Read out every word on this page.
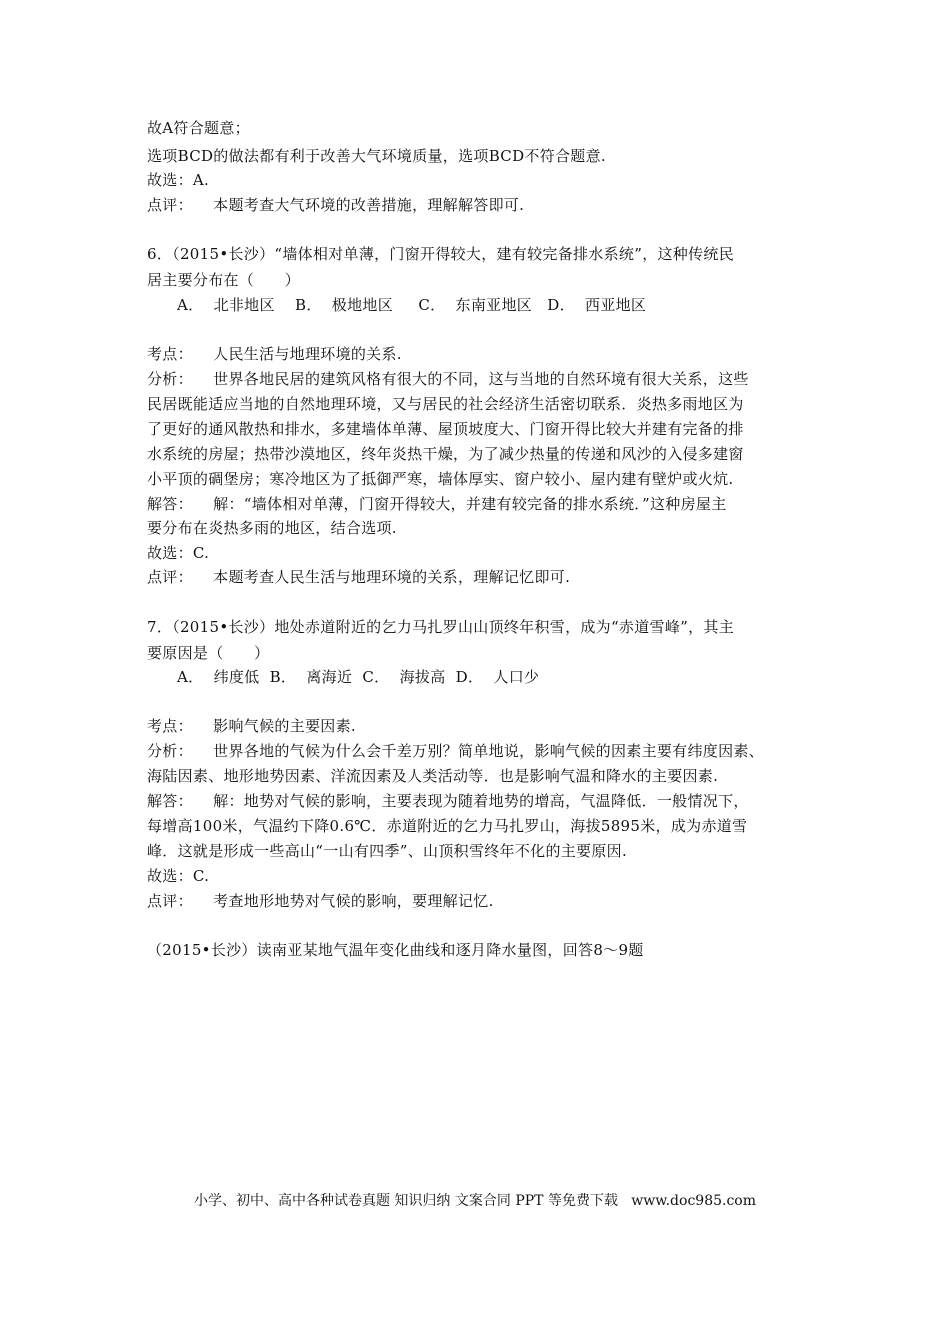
故A符合题意；
选项BCD的做法都有利于改善大气环境质量，选项BCD不符合题意.
故选：A.
点评：    本题考查大气环境的改善措施，理解解答即可.
6．（2015•长沙）“墙体相对单薄，门窗开得较大，建有较完备排水系统”，这种传统民
居主要分布在（　　）
A．  北非地区    B．  极地地区     C．  东南亚地区   D．  西亚地区
考点：    人民生活与地理环境的关系.
分析：    世界各地民居的建筑风格有很大的不同，这与当地的自然环境有很大关系，这些
民居既能适应当地的自然地理环境，又与居民的社会经济生活密切联系．炎热多雨地区为
了更好的通风散热和排水，多建墙体单薄、屋顶坡度大、门窗开得比较大并建有完备的排
水系统的房屋；热带沙漠地区，终年炎热干燥，为了减少热量的传递和风沙的入侵多建窗
小平顶的碉堡房；寒冷地区为了抵御严寒，墙体厚实、窗户较小、屋内建有壁炉或火炕.
解答：    解：“墙体相对单薄，门窗开得较大，并建有较完备的排水系统．”这种房屋主
要分布在炎热多雨的地区，结合选项.
故选：C.
点评：    本题考查人民生活与地理环境的关系，理解记忆即可.
7．（2015•长沙）地处赤道附近的乞力马扎罗山山顶终年积雪，成为“赤道雪峰”，其主
要原因是（　　）
A．  纬度低  B．  离海近  C．  海拔高  D．  人口少
考点：    影响气候的主要因素.
分析：    世界各地的气候为什么会千差万别？简单地说，影响气候的因素主要有纬度因素、
海陆因素、地形地势因素、洋流因素及人类活动等．也是影响气温和降水的主要因素.
解答：    解：地势对气候的影响，主要表现为随着地势的增高，气温降低．一般情况下，
每增高100米，气温约下降0.6℃．赤道附近的乞力马扎罗山，海拔5895米，成为赤道雪
峰．这就是形成一些高山“一山有四季”、山顶积雪终年不化的主要原因.
故选：C.
点评：    考查地形地势对气候的影响，要理解记忆.
（2015•长沙）读南亚某地气温年变化曲线和逐月降水量图，回答8～9题
小学、初中、高中各种试卷真题 知识归纳 文案合同 PPT 等免费下载   www.doc985.com
